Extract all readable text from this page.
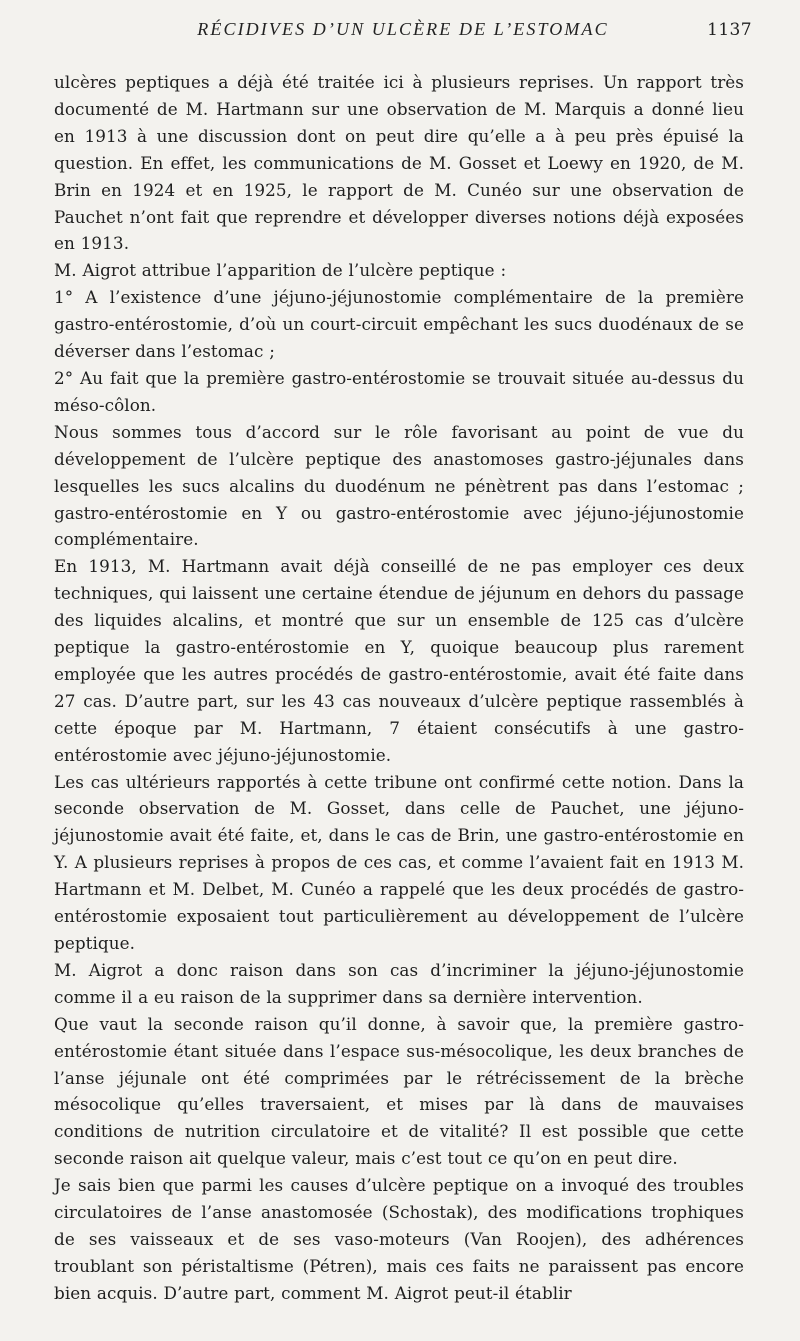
RÉCIDIVES D’UN ULCÈRE DE L’ESTOMAC	1137

ulcères peptiques a déjà été traitée ici à plusieurs reprises. Un rapport très documenté de M. Hartmann sur une observation de M. Marquis a donné lieu en 1913 à une discussion dont on peut dire qu’elle a à peu près épuisé la question. En effet, les communications de M. Gosset et Loewy en 1920, de M. Brin en 1924 et en 1925, le rapport de M. Cunéo sur une observation de Pauchet n’ont fait que reprendre et développer diverses notions déjà exposées en 1913.

M. Aigrot attribue l’apparition de l’ulcère peptique :

1° A l’existence d’une jéjuno-jéjunostomie complémentaire de la première gastro-entérostomie, d’où un court-circuit empêchant les sucs duodénaux de se déverser dans l’estomac ;

2° Au fait que la première gastro-entérostomie se trouvait située au-dessus du méso-côlon.

Nous sommes tous d’accord sur le rôle favorisant au point de vue du développement de l’ulcère peptique des anastomoses gastro-jéjunales dans lesquelles les sucs alcalins du duodénum ne pénètrent pas dans l’estomac ; gastro-entérostomie en Y ou gastro-entérostomie avec jéjuno-jéjunostomie complémentaire.

En 1913, M. Hartmann avait déjà conseillé de ne pas employer ces deux techniques, qui laissent une certaine étendue de jéjunum en dehors du passage des liquides alcalins, et montré que sur un ensemble de 125 cas d’ulcère peptique la gastro-entérostomie en Y, quoique beaucoup plus rarement employée que les autres procédés de gastro-entérostomie, avait été faite dans 27 cas. D’autre part, sur les 43 cas nouveaux d’ulcère peptique rassemblés à cette époque par M. Hartmann, 7 étaient consécutifs à une gastro-entérostomie avec jéjuno-jéjunostomie.

Les cas ultérieurs rapportés à cette tribune ont confirmé cette notion. Dans la seconde observation de M. Gosset, dans celle de Pauchet, une jéjuno-jéjunostomie avait été faite, et, dans le cas de Brin, une gastro-entérostomie en Y. A plusieurs reprises à propos de ces cas, et comme l’avaient fait en 1913 M. Hartmann et M. Delbet, M. Cunéo a rappelé que les deux procédés de gastro-entérostomie exposaient tout particulièrement au développement de l’ulcère peptique.

M. Aigrot a donc raison dans son cas d’incriminer la jéjuno-jéjunostomie comme il a eu raison de la supprimer dans sa dernière intervention.

Que vaut la seconde raison qu’il donne, à savoir que, la première gastro-entérostomie étant située dans l’espace sus-mésocolique, les deux branches de l’anse jéjunale ont été comprimées par le rétrécissement de la brèche mésocolique qu’elles traversaient, et mises par là dans de mauvaises conditions de nutrition circulatoire et de vitalité? Il est possible que cette seconde raison ait quelque valeur, mais c’est tout ce qu’on en peut dire.

Je sais bien que parmi les causes d’ulcère peptique on a invoqué des troubles circulatoires de l’anse anastomosée (Schostak), des modifications trophiques de ses vaisseaux et de ses vaso-moteurs (Van Roojen), des adhérences troublant son péristaltisme (Pétren), mais ces faits ne paraissent pas encore bien acquis. D’autre part, comment M. Aigrot peut-il établir
